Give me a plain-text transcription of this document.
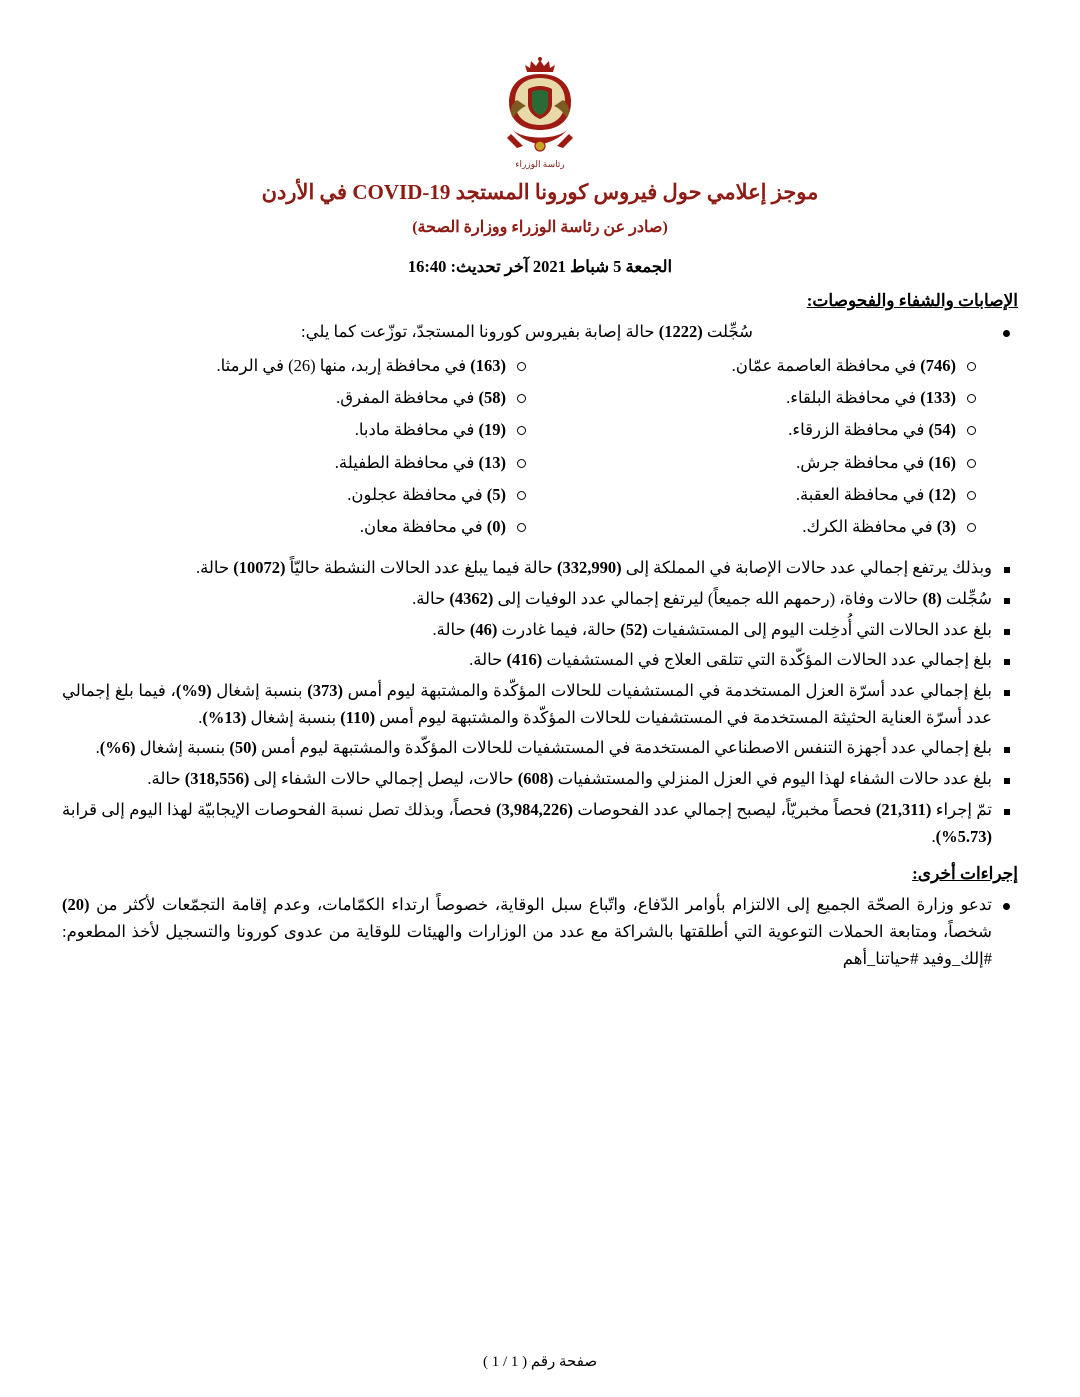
رئاسة الوزراء
موجز إعلامي حول فيروس كورونا المستجد COVID-19 في الأردن
(صادر عن رئاسة الوزراء ووزارة الصحة)
الجمعة 5 شباط 2021 آخر تحديث: 16:40
الإصابات والشفاء والفحوصات:
سُجِّلت (1222) حالة إصابة بفيروس كورونا المستجدّ، توزّعت كما يلي:
(746) في محافظة العاصمة عمّان.
(133) في محافظة البلقاء.
(54) في محافظة الزرقاء.
(16) في محافظة جرش.
(12) في محافظة العقبة.
(3) في محافظة الكرك.
(163) في محافظة إربد، منها (26) في الرمثا.
(58) في محافظة المفرق.
(19) في محافظة مادبا.
(13) في محافظة الطفيلة.
(5) في محافظة عجلون.
(0) في محافظة معان.
وبذلك يرتفع إجمالي عدد حالات الإصابة في المملكة إلى (332,990) حالة فيما يبلغ عدد الحالات النشطة حاليّاً (10072) حالة.
سُجِّلت (8) حالات وفاة، (رحمهم الله جميعاً) ليرتفع إجمالي عدد الوفيات إلى (4362) حالة.
بلغ عدد الحالات التي أُدخِلت اليوم إلى المستشفيات (52) حالة، فيما غادرت (46) حالة.
بلغ إجمالي عدد الحالات المؤكّدة التي تتلقى العلاج في المستشفيات (416) حالة.
بلغ إجمالي عدد أسرّة العزل المستخدمة في المستشفيات للحالات المؤكّدة والمشتبهة ليوم أمس (373) بنسبة إشغال (9%)، فيما بلغ إجمالي عدد أسرّة العناية الحثيثة المستخدمة في المستشفيات للحالات المؤكّدة والمشتبهة ليوم أمس (110) بنسبة إشغال (13%).
بلغ إجمالي عدد أجهزة التنفس الاصطناعي المستخدمة في المستشفيات للحالات المؤكّدة والمشتبهة ليوم أمس (50) بنسبة إشغال (6%).
بلغ عدد حالات الشفاء لهذا اليوم في العزل المنزلي والمستشفيات (608) حالات، ليصل إجمالي حالات الشفاء إلى (318,556) حالة.
تمّ إجراء (21,311) فحصاً مخبريّاً، ليصبح إجمالي عدد الفحوصات (3,984,226) فحصاً، وبذلك تصل نسبة الفحوصات الإيجابيّة لهذا اليوم إلى قرابة (5.73%).
إجراءات أخرى:
تدعو وزارة الصحّة الجميع إلى الالتزام بأوامر الدّفاع، واتّباع سبل الوقاية، خصوصاً ارتداء الكمّامات، وعدم إقامة التجمّعات لأكثر من (20) شخصاً، ومتابعة الحملات التوعوية التي أطلقتها بالشراكة مع عدد من الوزارات والهيئات للوقاية من عدوى كورونا والتسجيل لأخذ المطعوم: #إلك_وفيد #حياتنا_أهم
صفحة رقم ( 1 / 1 )
